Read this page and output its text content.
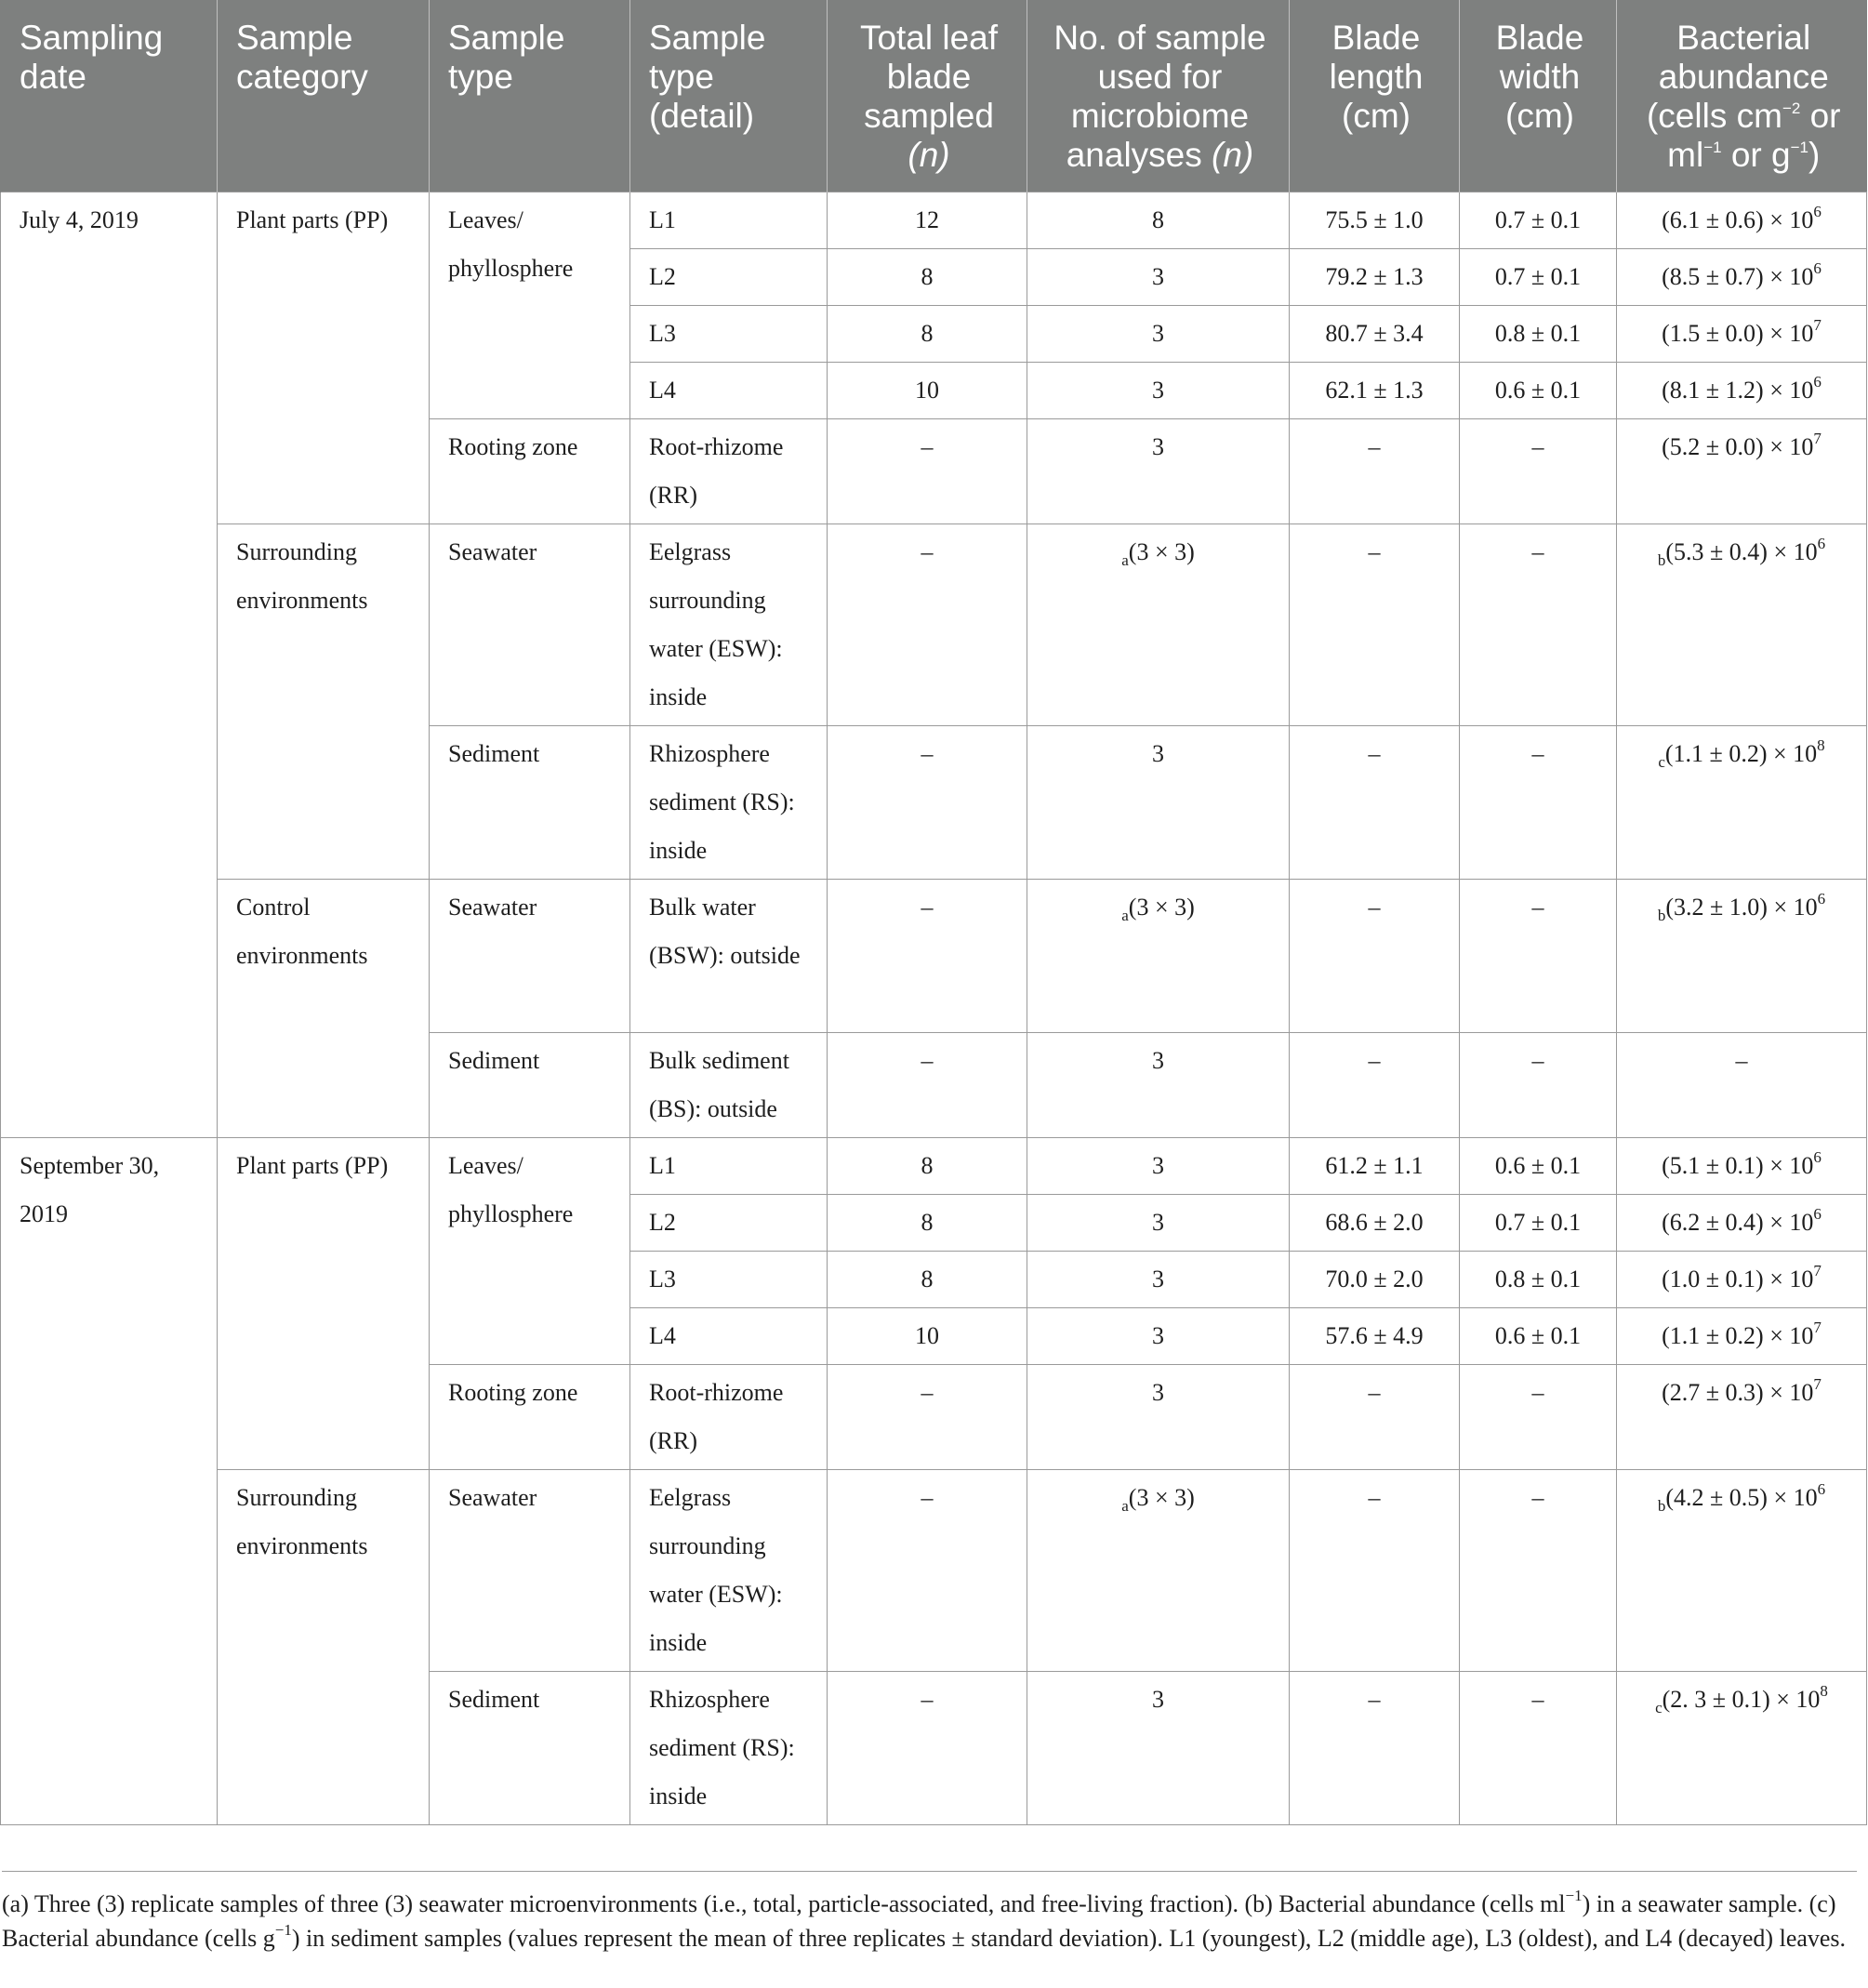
Sampling date	Sample category	Sample type	Sample type (detail)	Total leaf blade sampled (n)	No. of sample used for microbiome analyses (n)	Blade length (cm)	Blade width (cm)	Bacterial abundance (cells $cm^{-2}$ or $ml^{-1}$ or $g^{-1}$)
July 4, 2019	Plant parts (PP)	Leaves/ phyllosphere	L1	12	8	75.5 ± 1.0	0.7 ± 0.1	$(6.1 \pm 0.6) \times 10^6$
			L2	8	3	79.2 ± 1.3	0.7 ± 0.1	$(8.5 \pm 0.7) \times 10^6$
			L3	8	3	80.7 ± 3.4	0.8 ± 0.1	$(1.5 \pm 0.0) \times 10^7$
			L4	10	3	62.1 ± 1.3	0.6 ± 0.1	$(8.1 \pm 1.2) \times 10^6$
		Rooting zone	Root-rhizome (RR)	–	3	–	–	$(5.2 \pm 0.0) \times 10^7$
	Surrounding environments	Seawater	Eelgrass surrounding water (ESW): inside	–	$_a$(3 × 3)	–	–	$_b(5.3 \pm 0.4) \times 10^6$
		Sediment	Rhizosphere sediment (RS): inside	–	3	–	–	$_c(1.1 \pm 0.2) \times 10^8$
	Control environments	Seawater	Bulk water (BSW): outside	–	$_a$(3 × 3)	–	–	$_b(3.2 \pm 1.0) \times 10^6$
		Sediment	Bulk sediment (BS): outside	–	3	–	–	–
September 30, 2019	Plant parts (PP)	Leaves/ phyllosphere	L1	8	3	61.2 ± 1.1	0.6 ± 0.1	$(5.1 \pm 0.1) \times 10^6$
			L2	8	3	68.6 ± 2.0	0.7 ± 0.1	$(6.2 \pm 0.4) \times 10^6$
			L3	8	3	70.0 ± 2.0	0.8 ± 0.1	$(1.0 \pm 0.1) \times 10^7$
			L4	10	3	57.6 ± 4.9	0.6 ± 0.1	$(1.1 \pm 0.2) \times 10^7$
		Rooting zone	Root-rhizome (RR)	–	3	–	–	$(2.7 \pm 0.3) \times 10^7$
	Surrounding environments	Seawater	Eelgrass surrounding water (ESW): inside	–	$_a$(3 × 3)	–	–	$_b(4.2 \pm 0.5) \times 10^6$
		Sediment	Rhizosphere sediment (RS): inside	–	3	–	–	$_c$(2. $3 \pm 0.1) \times 10^8$
(a) Three (3) replicate samples of three (3) seawater microenvironments (i.e., total, particle-associated, and free-living fraction). (b) Bacterial abundance (cells $ml^{-1}$) in a seawater sample. (c) Bacterial abundance (cells $g^{-1}$) in sediment samples (values represent the mean of three replicates ± standard deviation). L1 (youngest), L2 (middle age), L3 (oldest), and L4 (decayed) leaves.
